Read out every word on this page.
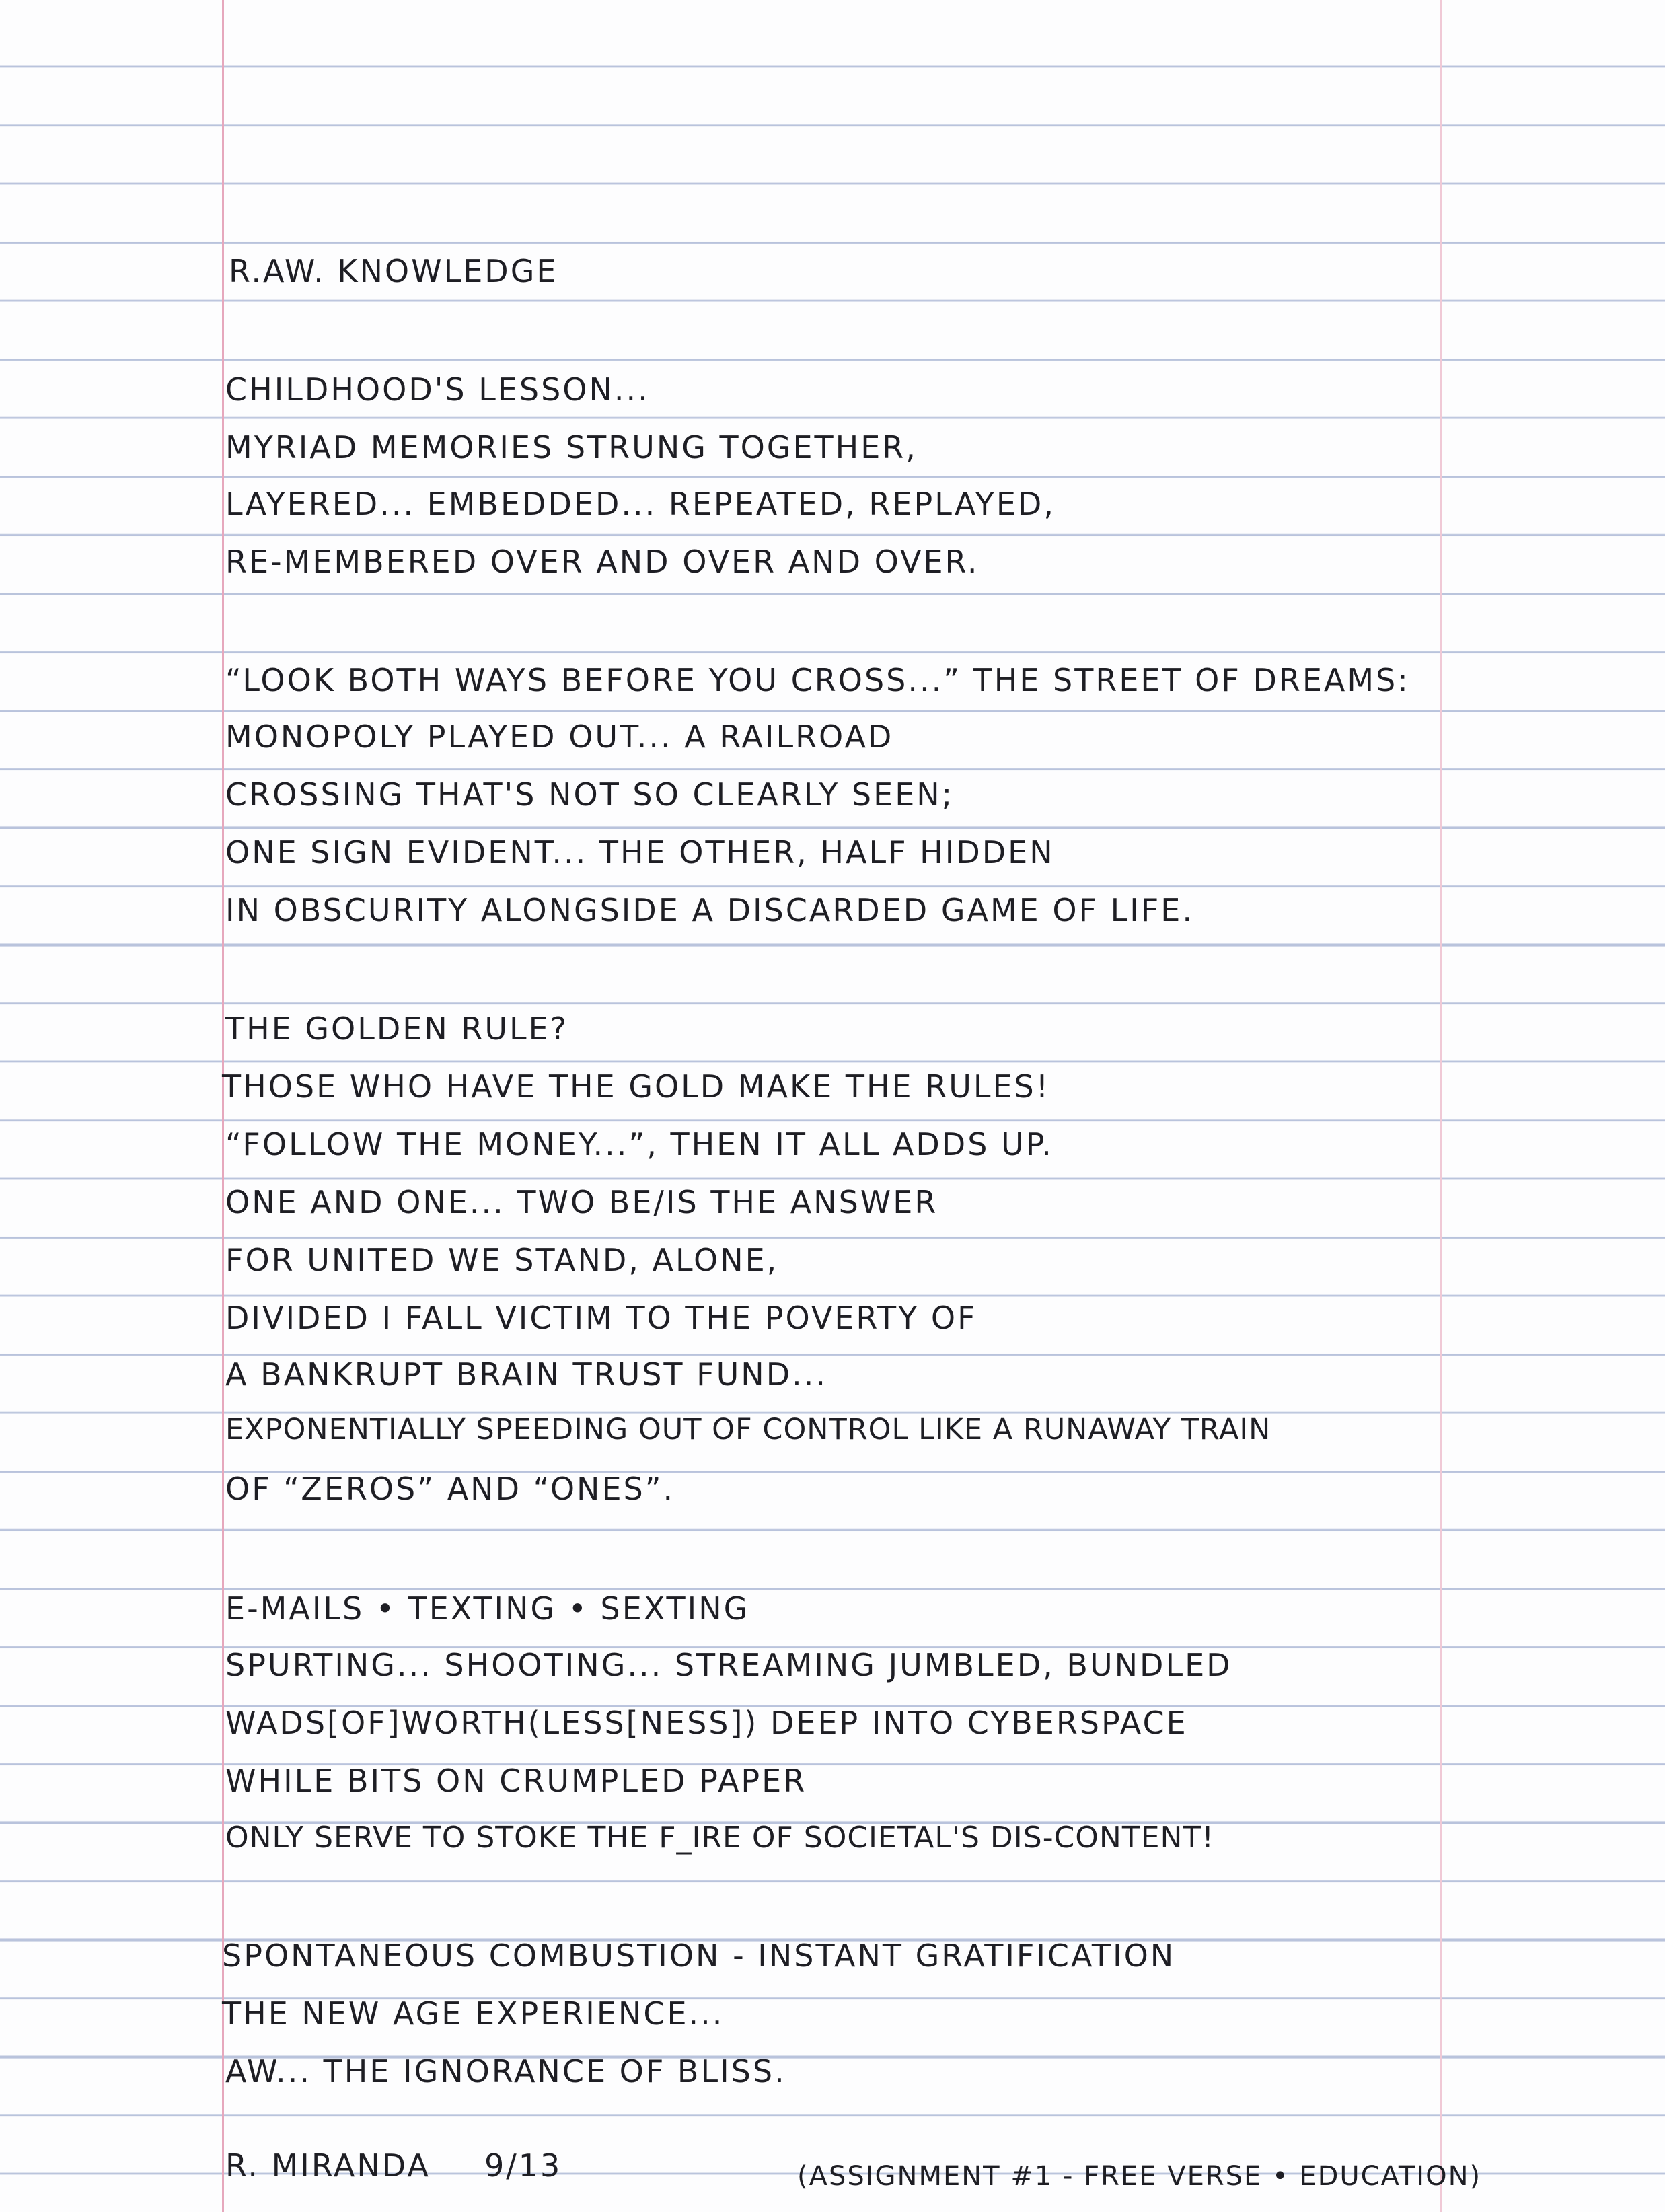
R.AW. KNOWLEDGE

CHILDHOOD'S LESSON...

MYRIAD MEMORIES STRUNG TOGETHER,

LAYERED... EMBEDDED... REPEATED, REPLAYED,

RE-MEMBERED OVER AND OVER AND OVER.

“LOOK BOTH WAYS BEFORE YOU CROSS...” THE STREET OF DREAMS:

MONOPOLY PLAYED OUT... A RAILROAD

CROSSING THAT'S NOT SO CLEARLY SEEN;

ONE SIGN EVIDENT... THE OTHER, HALF HIDDEN

IN OBSCURITY ALONGSIDE A DISCARDED GAME OF LIFE.

THE GOLDEN RULE?

THOSE WHO HAVE THE GOLD MAKE THE RULES!

“FOLLOW THE MONEY...”, THEN IT ALL ADDS UP.

ONE AND ONE... TWO BE/IS THE ANSWER

FOR UNITED WE STAND, ALONE,

DIVIDED I FALL VICTIM TO THE POVERTY OF

A BANKRUPT BRAIN TRUST FUND...

EXPONENTIALLY SPEEDING OUT OF CONTROL LIKE A RUNAWAY TRAIN

OF “ZEROS” AND “ONES”.

E-MAILS • TEXTING • SEXTING

SPURTING... SHOOTING... STREAMING JUMBLED, BUNDLED

WADS[OF]WORTH(LESS[NESS]) DEEP INTO CYBERSPACE

WHILE BITS ON CRUMPLED PAPER

ONLY SERVE TO STOKE THE F_IRE OF SOCIETAL'S DIS-CONTENT!

SPONTANEOUS COMBUSTION - INSTANT GRATIFICATION

THE NEW AGE EXPERIENCE...

AW... THE IGNORANCE OF BLISS.

R. MIRANDA 9/13	(ASSIGNMENT #1 - FREE VERSE • EDUCATION)
